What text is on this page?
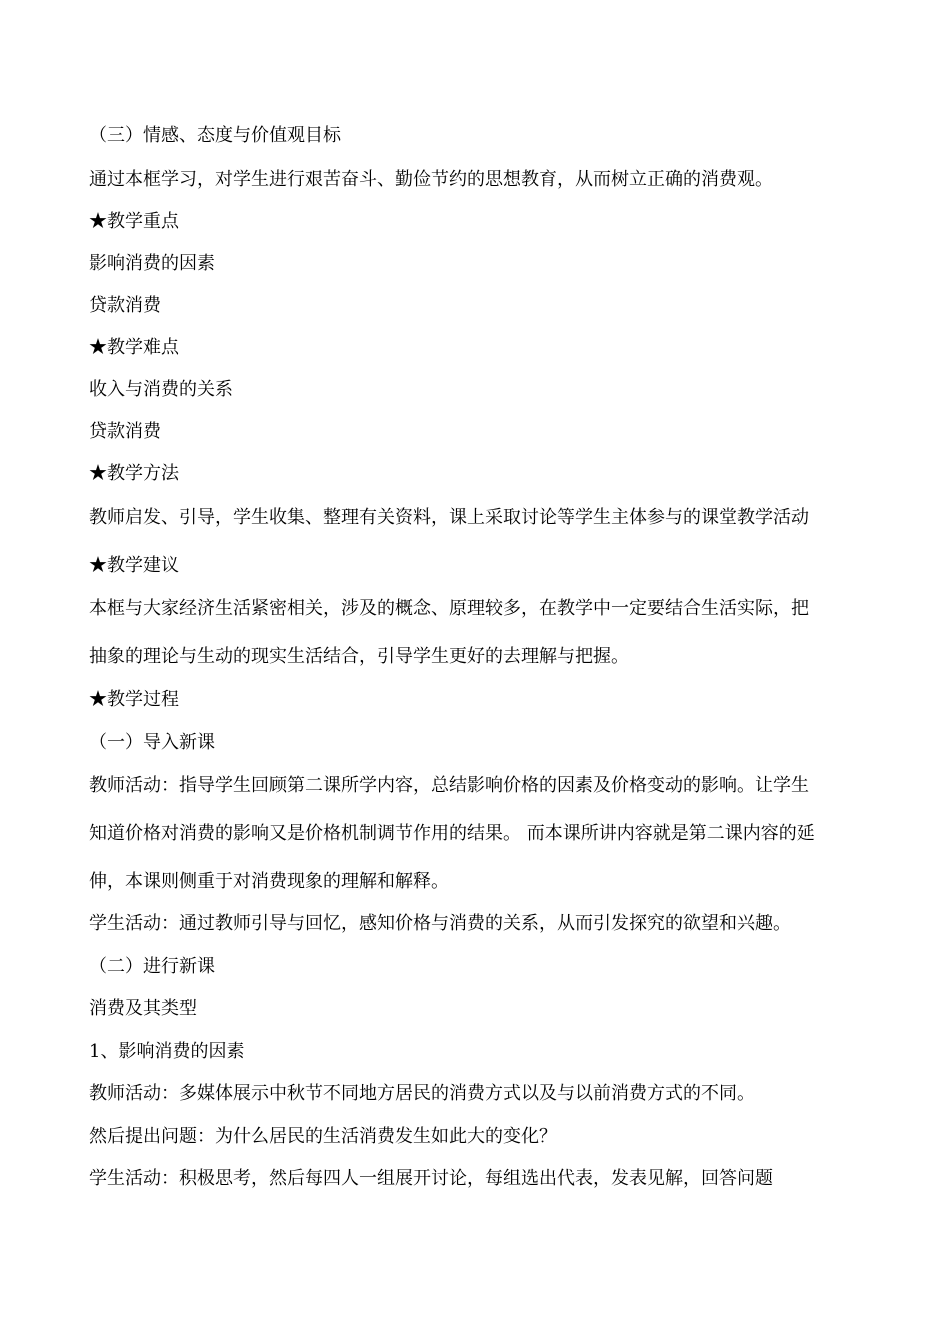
（三）情感、态度与价值观目标
通过本框学习，对学生进行艰苦奋斗、勤俭节约的思想教育，从而树立正确的消费观。
★教学重点
影响消费的因素
贷款消费
★教学难点
收入与消费的关系
贷款消费
★教学方法
教师启发、引导，学生收集、整理有关资料，课上采取讨论等学生主体参与的课堂教学活动
★教学建议
本框与大家经济生活紧密相关，涉及的概念、原理较多，在教学中一定要结合生活实际，把
抽象的理论与生动的现实生活结合，引导学生更好的去理解与把握。
★教学过程
（一）导入新课
教师活动：指导学生回顾第二课所学内容，总结影响价格的因素及价格变动的影响。让学生
知道价格对消费的影响又是价格机制调节作用的结果。 而本课所讲内容就是第二课内容的延
伸，本课则侧重于对消费现象的理解和解释。
学生活动：通过教师引导与回忆，感知价格与消费的关系，从而引发探究的欲望和兴趣。
（二）进行新课
消费及其类型
1、影响消费的因素
教师活动：多媒体展示中秋节不同地方居民的消费方式以及与以前消费方式的不同。
然后提出问题：为什么居民的生活消费发生如此大的变化？
学生活动：积极思考，然后每四人一组展开讨论，每组选出代表，发表见解，回答问题
